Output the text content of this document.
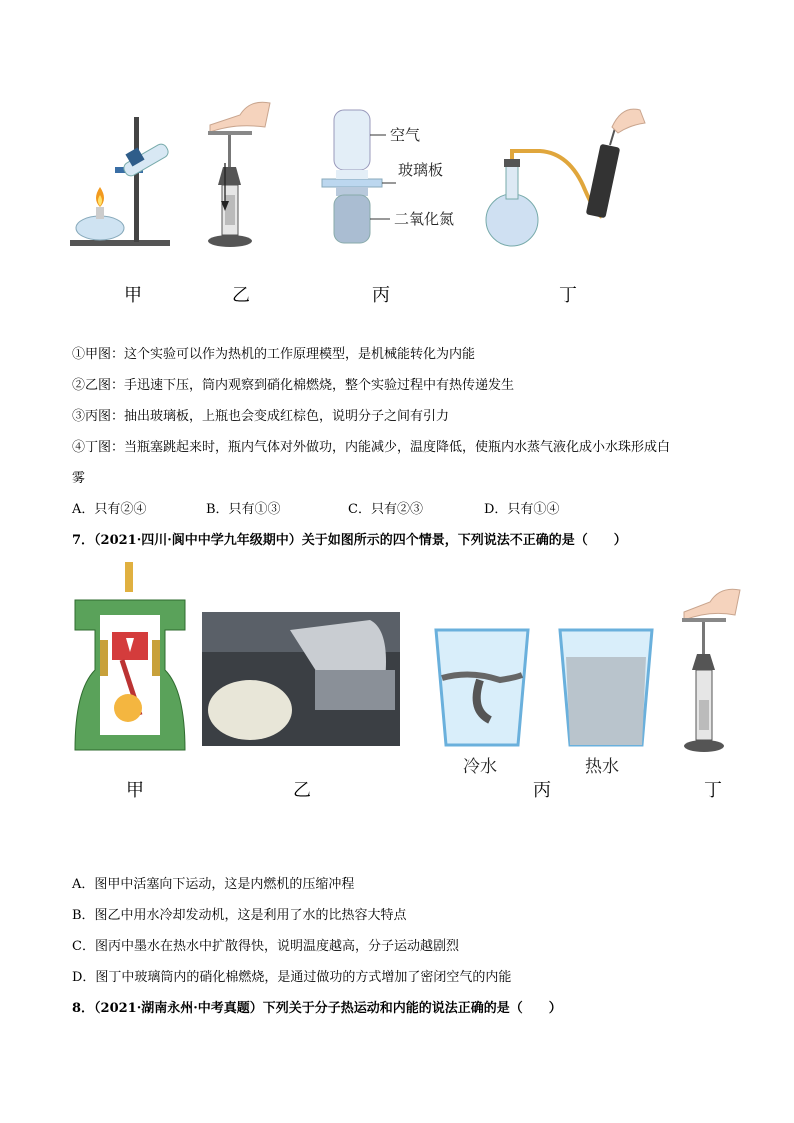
空气
玻璃板
二氧化氮
甲	乙	丙	丁
①甲图：这个实验可以作为热机的工作原理模型，是机械能转化为内能
②乙图：手迅速下压，筒内观察到硝化棉燃烧，整个实验过程中有热传递发生
③丙图：抽出玻璃板，上瓶也会变成红棕色，说明分子之间有引力
④丁图：当瓶塞跳起来时，瓶内气体对外做功，内能减少，温度降低，使瓶内水蒸气液化成小水珠形成白
雾
A．只有②④	B．只有①③	C．只有②③	D．只有①④
7．（2021·四川·阆中中学九年级期中）关于如图所示的四个情景，下列说法不正确的是（　　）
冷水	热水
甲	乙	丙	丁
A．图甲中活塞向下运动，这是内燃机的压缩冲程
B．图乙中用水冷却发动机，这是利用了水的比热容大特点
C．图丙中墨水在热水中扩散得快，说明温度越高，分子运动越剧烈
D．图丁中玻璃筒内的硝化棉燃烧，是通过做功的方式增加了密闭空气的内能
8．（2021·湖南永州·中考真题）下列关于分子热运动和内能的说法正确的是（　　）
